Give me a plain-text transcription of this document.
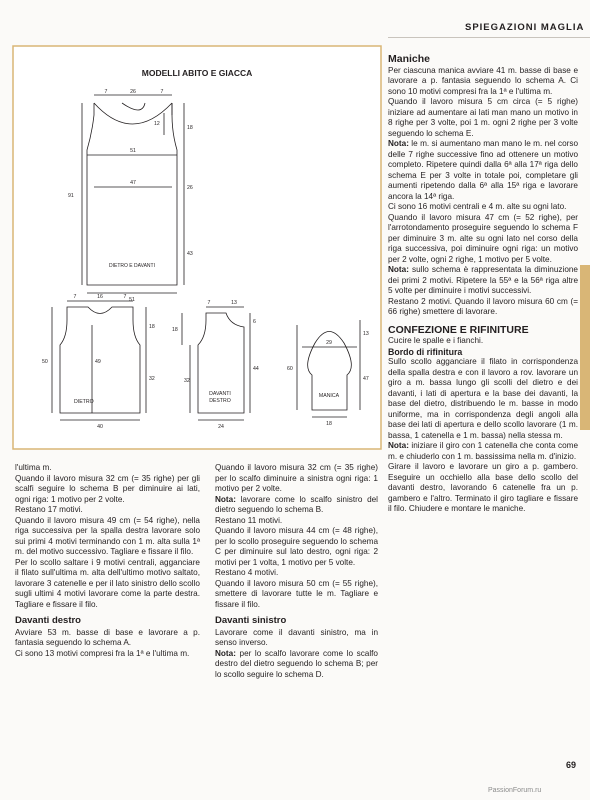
SPIEGAZIONI MAGLIA
7	26	7
12
18
51
26
47
91
43
DIETRO E DAVANTI
51
7	16	7
18
50	49
32
DIETRO
40
7	13
6
18
44
32
DAVANTI
DESTRO
24
29
13
60
47
MANICA
18
MODELLI ABITO E GIACCA

l'ultima m.

Quando il lavoro misura 32 cm (= 35 righe) per gli scalfi seguire lo schema B per diminuire ai lati, ogni riga: 1 motivo per 2 volte.

Restano 17 motivi.

Quando il lavoro misura 49 cm (= 54 righe), nella riga successiva per la spalla destra lavorare solo sui primi 4 motivi terminando con 1 m. alta sulla 1ª m. del motivo successivo. Tagliare e fissare il filo.

Per lo scollo saltare i 9 motivi centrali, agganciare il filato sull'ultima m. alta dell'ultimo motivo saltato, lavorare 3 catenelle e per il lato sinistro dello scollo sugli ultimi 4 motivi lavorare come la parte destra. Tagliare e fissare il filo.

Davanti destro

Avviare 53 m. basse di base e lavorare a p. fantasia seguendo lo schema A.

Ci sono 13 motivi compresi fra la 1ª e l'ultima m.

Quando il lavoro misura 32 cm (= 35 righe) per lo scalfo diminuire a sinistra ogni riga: 1 motivo per 2 volte.

Nota: lavorare come lo scalfo sinistro del dietro seguendo lo schema B.

Restano 11 motivi.

Quando il lavoro misura 44 cm (= 48 righe), per lo scollo proseguire seguendo lo schema C per diminuire sul lato destro, ogni riga: 2 motivi per 1 volta, 1 motivo per 5 volte.

Restano 4 motivi.

Quando il lavoro misura 50 cm (= 55 righe), smettere di lavorare tutte le m. Tagliare e fissare il filo.

Davanti sinistro

Lavorare come il davanti sinistro, ma in senso inverso.

Nota: per lo scalfo lavorare come lo scalfo destro del dietro seguendo lo schema B; per lo scollo seguire lo schema D.

Maniche

Per ciascuna manica avviare 41 m. basse di base e lavorare a p. fantasia seguendo lo schema A. Ci sono 10 motivi compresi fra la 1ª e l'ultima m.

Quando il lavoro misura 5 cm circa (= 5 righe) iniziare ad aumentare ai lati man mano un motivo in 8 righe per 3 volte, poi 1 m. ogni 2 righe per 3 volte seguendo lo schema E.

Nota: le m. si aumentano man mano le m. nel corso delle 7 righe successive fino ad ottenere un motivo completo. Ripetere quindi dalla 6ª alla 17ª riga dello schema E per 3 volte in totale poi, completare gli aumenti ripetendo dalla 6ª alla 15ª riga e lavorare ancora la 14ª riga.

Ci sono 16 motivi centrali e 4 m. alte su ogni lato.

Quando il lavoro misura 47 cm (= 52 righe), per l'arrotondamento proseguire seguendo lo schema F per diminuire 3 m. alte su ogni lato nel corso della riga successiva, poi diminuire ogni riga: un motivo per 2 volte, ogni 2 righe, 1 motivo per 5 volte.

Nota: sullo schema è rappresentata la diminuzione dei primi 2 motivi. Ripetere la 55ª e la 56ª riga altre 5 volte per diminuire i motivi successivi.

Restano 2 motivi. Quando il lavoro misura 60 cm (= 66 righe) smettere di lavorare.

CONFEZIONE E RIFINITURE

Cucire le spalle e i fianchi.

Bordo di rifinitura

Sullo scollo agganciare il filato in corrispondenza della spalla destra e con il lavoro a rov. lavorare un giro a m. bassa lungo gli scolli del dietro e dei davanti, i lati di apertura e la base dei davanti, la base del dietro, distribuendo le m. basse in modo uniforme, ma in corrispondenza degli angoli alla base dei lati di apertura e dello scollo lavorare (1 m. bassa, 1 catenella e 1 m. bassa) nella stessa m.

Nota: iniziare il giro con 1 catenella che conta come m. e chiuderlo con 1 m. bassissima nella m. d'inizio.

Girare il lavoro e lavorare un giro a p. gambero. Eseguire un occhiello alla base dello scollo del davanti destro, lavorando 6 catenelle fra un p. gambero e l'altro. Terminato il giro tagliare e fissare il filo. Chiudere e montare le maniche.

69
PassionForum.ru
